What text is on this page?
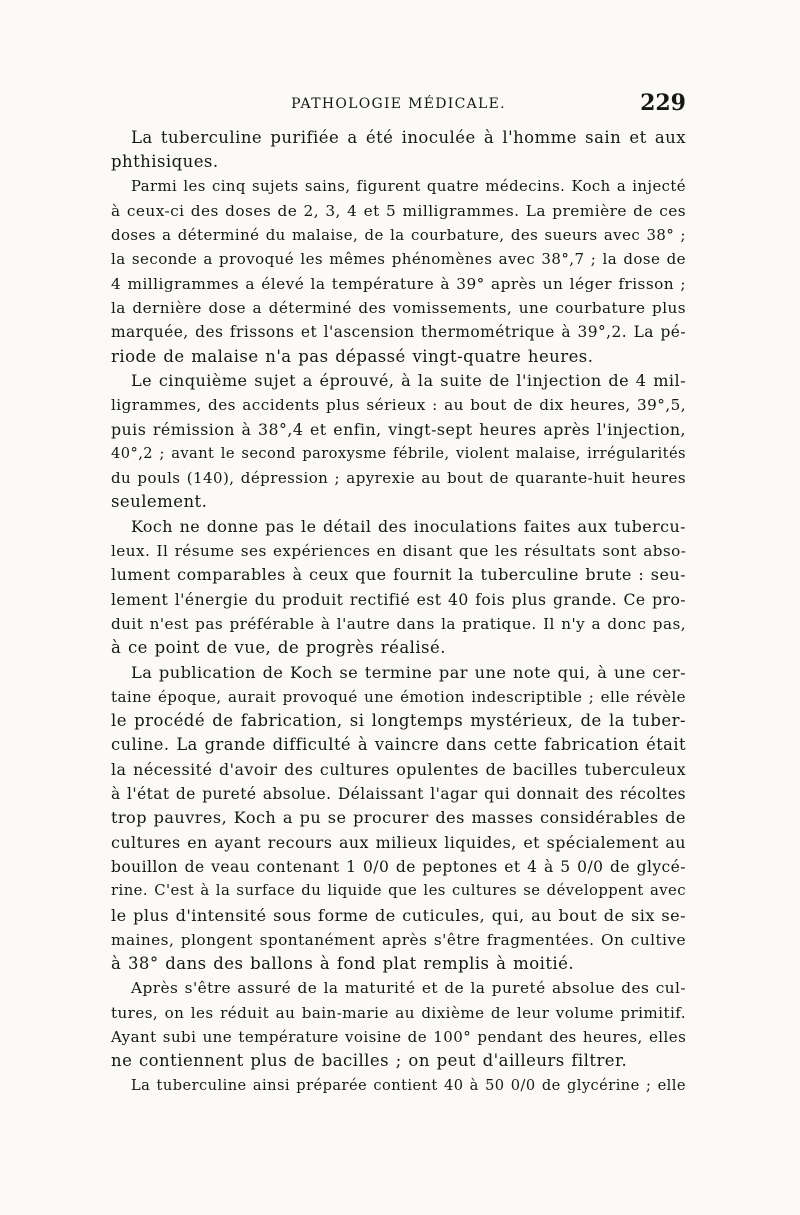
PATHOLOGIE MÉDICALE.	229

La tuberculine purifiée a été inoculée à l'homme sain et aux
phthisiques.

Parmi les cinq sujets sains, figurent quatre médecins. Koch a injecté
à ceux-ci des doses de 2, 3, 4 et 5 milligrammes. La première de ces
doses a déterminé du malaise, de la courbature, des sueurs avec 38° ;
la seconde a provoqué les mêmes phénomènes avec 38°,7 ; la dose de
4 milligrammes a élevé la température à 39° après un léger frisson ;
la dernière dose a déterminé des vomissements, une courbature plus
marquée, des frissons et l'ascension thermométrique à 39°,2. La pé-
riode de malaise n'a pas dépassé vingt-quatre heures.

Le cinquième sujet a éprouvé, à la suite de l'injection de 4 mil-
ligrammes, des accidents plus sérieux : au bout de dix heures, 39°,5,
puis rémission à 38°,4 et enfin, vingt-sept heures après l'injection,
40°,2 ; avant le second paroxysme fébrile, violent malaise, irrégularités
du pouls (140), dépression ; apyrexie au bout de quarante-huit heures
seulement.

Koch ne donne pas le détail des inoculations faites aux tubercu-
leux. Il résume ses expériences en disant que les résultats sont abso-
lument comparables à ceux que fournit la tuberculine brute : seu-
lement l'énergie du produit rectifié est 40 fois plus grande. Ce pro-
duit n'est pas préférable à l'autre dans la pratique. Il n'y a donc pas,
à ce point de vue, de progrès réalisé.

La publication de Koch se termine par une note qui, à une cer-
taine époque, aurait provoqué une émotion indescriptible ; elle révèle
le procédé de fabrication, si longtemps mystérieux, de la tuber-
culine. La grande difficulté à vaincre dans cette fabrication était
la nécessité d'avoir des cultures opulentes de bacilles tuberculeux
à l'état de pureté absolue. Délaissant l'agar qui donnait des récoltes
trop pauvres, Koch a pu se procurer des masses considérables de
cultures en ayant recours aux milieux liquides, et spécialement au
bouillon de veau contenant 1 0/0 de peptones et 4 à 5 0/0 de glycé-
rine. C'est à la surface du liquide que les cultures se développent avec
le plus d'intensité sous forme de cuticules, qui, au bout de six se-
maines, plongent spontanément après s'être fragmentées. On cultive
à 38° dans des ballons à fond plat remplis à moitié.

Après s'être assuré de la maturité et de la pureté absolue des cul-
tures, on les réduit au bain-marie au dixième de leur volume primitif.
Ayant subi une température voisine de 100° pendant des heures, elles
ne contiennent plus de bacilles ; on peut d'ailleurs filtrer.

La tuberculine ainsi préparée contient 40 à 50 0/0 de glycérine ; elle
